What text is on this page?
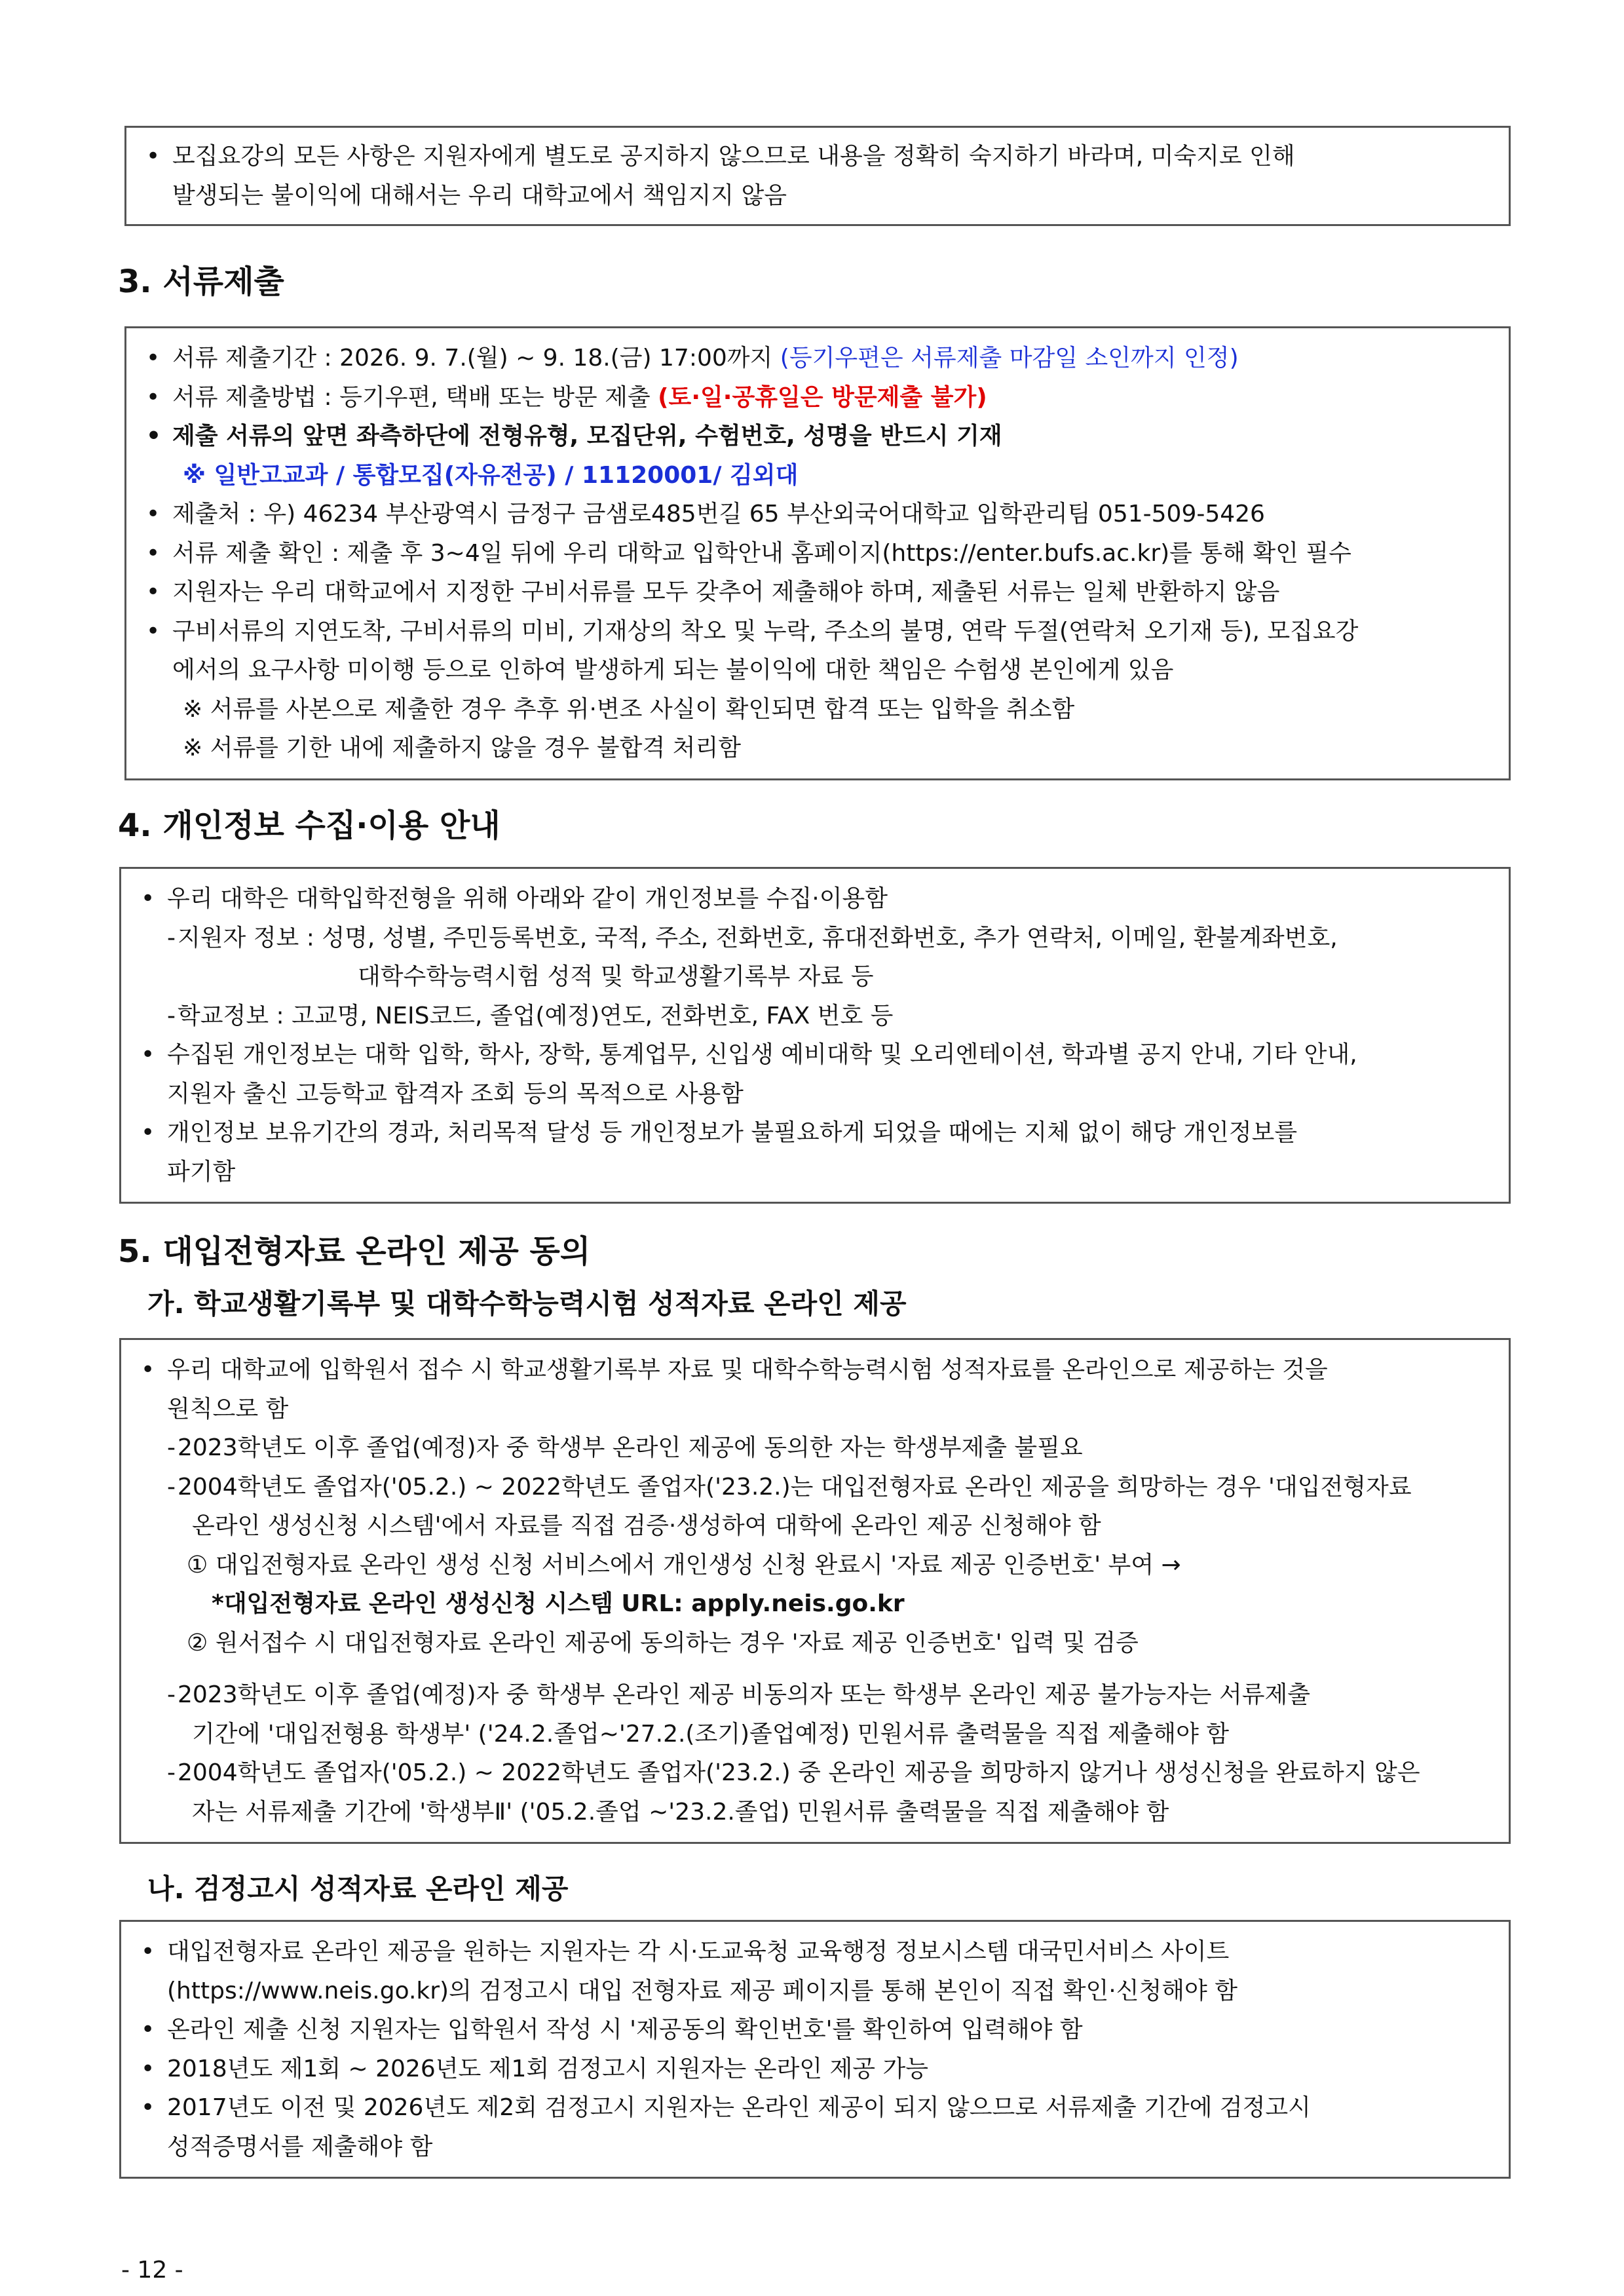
• 모집요강의 모든 사항은 지원자에게 별도로 공지하지 않으므로 내용을 정확히 숙지하기 바라며, 미숙지로 인해
발생되는 불이익에 대해서는 우리 대학교에서 책임지지 않음
3. 서류제출
• 서류 제출기간 : 2026. 9. 7.(월) ~ 9. 18.(금) 17:00까지 (등기우편은 서류제출 마감일 소인까지 인정)
• 서류 제출방법 : 등기우편, 택배 또는 방문 제출 (토·일·공휴일은 방문제출 불가)
• 제출 서류의 앞면 좌측하단에 전형유형, 모집단위, 수험번호, 성명을 반드시 기재
※ 일반고교과 / 통합모집(자유전공) / 11120001/ 김외대
• 제출처 : 우) 46234 부산광역시 금정구 금샘로485번길 65 부산외국어대학교 입학관리팀 051-509-5426
• 서류 제출 확인 : 제출 후 3~4일 뒤에 우리 대학교 입학안내 홈페이지(https://enter.bufs.ac.kr)를 통해 확인 필수
• 지원자는 우리 대학교에서 지정한 구비서류를 모두 갖추어 제출해야 하며, 제출된 서류는 일체 반환하지 않음
• 구비서류의 지연도착, 구비서류의 미비, 기재상의 착오 및 누락, 주소의 불명, 연락 두절(연락처 오기재 등), 모집요강
에서의 요구사항 미이행 등으로 인하여 발생하게 되는 불이익에 대한 책임은 수험생 본인에게 있음
※ 서류를 사본으로 제출한 경우 추후 위·변조 사실이 확인되면 합격 또는 입학을 취소함
※ 서류를 기한 내에 제출하지 않을 경우 불합격 처리함
4. 개인정보 수집·이용 안내
• 우리 대학은 대학입학전형을 위해 아래와 같이 개인정보를 수집·이용함
- 지원자 정보 : 성명, 성별, 주민등록번호, 국적, 주소, 전화번호, 휴대전화번호, 추가 연락처, 이메일, 환불계좌번호,
대학수학능력시험 성적 및 학교생활기록부 자료 등
- 학교정보 : 고교명, NEIS코드, 졸업(예정)연도, 전화번호, FAX 번호 등
• 수집된 개인정보는 대학 입학, 학사, 장학, 통계업무, 신입생 예비대학 및 오리엔테이션, 학과별 공지 안내, 기타 안내,
지원자 출신 고등학교 합격자 조회 등의 목적으로 사용함
• 개인정보 보유기간의 경과, 처리목적 달성 등 개인정보가 불필요하게 되었을 때에는 지체 없이 해당 개인정보를
파기함
5. 대입전형자료 온라인 제공 동의
가. 학교생활기록부 및 대학수학능력시험 성적자료 온라인 제공
• 우리 대학교에 입학원서 접수 시 학교생활기록부 자료 및 대학수학능력시험 성적자료를 온라인으로 제공하는 것을
원칙으로 함
- 2023학년도 이후 졸업(예정)자 중 학생부 온라인 제공에 동의한 자는 학생부제출 불필요
- 2004학년도 졸업자('05.2.) ~ 2022학년도 졸업자('23.2.)는 대입전형자료 온라인 제공을 희망하는 경우 '대입전형자료
온라인 생성신청 시스템'에서 자료를 직접 검증·생성하여 대학에 온라인 제공 신청해야 함
① 대입전형자료 온라인 생성 신청 서비스에서 개인생성 신청 완료시 '자료 제공 인증번호' 부여 →
*대입전형자료 온라인 생성신청 시스템 URL: apply.neis.go.kr
② 원서접수 시 대입전형자료 온라인 제공에 동의하는 경우 '자료 제공 인증번호' 입력 및 검증
- 2023학년도 이후 졸업(예정)자 중 학생부 온라인 제공 비동의자 또는 학생부 온라인 제공 불가능자는 서류제출
기간에 '대입전형용 학생부' ('24.2.졸업~'27.2.(조기)졸업예정) 민원서류 출력물을 직접 제출해야 함
- 2004학년도 졸업자('05.2.) ~ 2022학년도 졸업자('23.2.) 중 온라인 제공을 희망하지 않거나 생성신청을 완료하지 않은
자는 서류제출 기간에 '학생부Ⅱ' ('05.2.졸업 ~'23.2.졸업) 민원서류 출력물을 직접 제출해야 함
나. 검정고시 성적자료 온라인 제공
• 대입전형자료 온라인 제공을 원하는 지원자는 각 시·도교육청 교육행정 정보시스템 대국민서비스 사이트
(https://www.neis.go.kr)의 검정고시 대입 전형자료 제공 페이지를 통해 본인이 직접 확인·신청해야 함
• 온라인 제출 신청 지원자는 입학원서 작성 시 '제공동의 확인번호'를 확인하여 입력해야 함
• 2018년도 제1회 ~ 2026년도 제1회 검정고시 지원자는 온라인 제공 가능
• 2017년도 이전 및 2026년도 제2회 검정고시 지원자는 온라인 제공이 되지 않으므로 서류제출 기간에 검정고시
성적증명서를 제출해야 함
- 12 -
